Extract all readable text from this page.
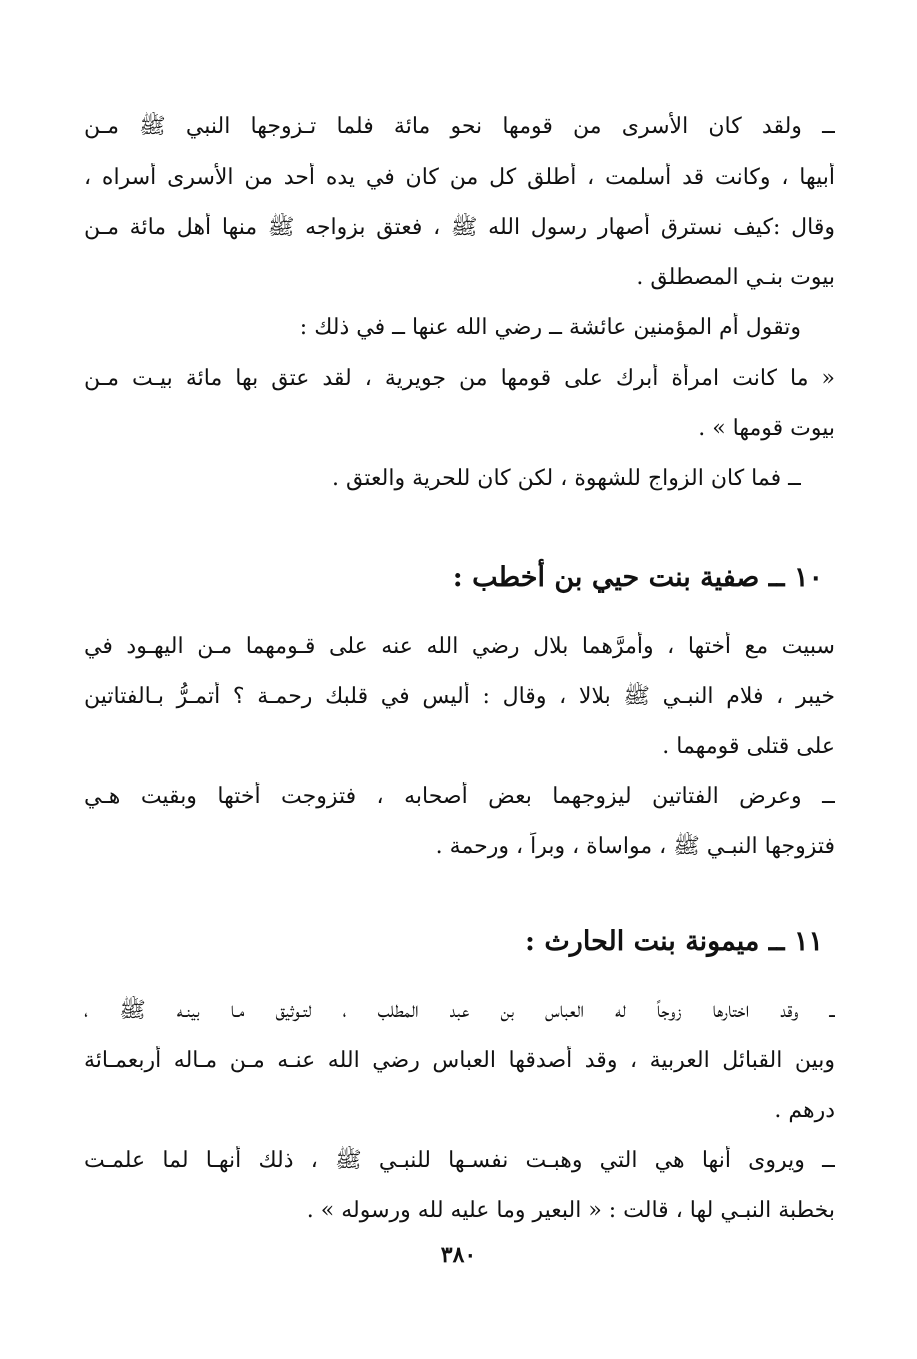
ــ ولقد كان الأسرى من قومها نحو مائة فلما تـزوجها النبي ﷺ مـن
أبيها ، وكانت قد أسلمت ، أطلق كل من كان في يده أحد من الأسرى أسراه ،
وقال :كيف نسترق أصهار رسول الله ﷺ ، فعتق بزواجه ﷺ منها أهل مائة مـن
بيوت بنـي المصطلق .
وتقول أم المؤمنين عائشة ــ رضي الله عنها ــ في ذلك :
« ما كانت امرأة أبرك على قومها من جويرية ، لقد عتق بها مائة بيـت مـن
بيوت قومها » .
ــ فما كان الزواج للشهوة ، لكن كان للحرية والعتق .
١٠ ــ صفية بنت حيي بن أخطب :
سبيت مع أختها ، وأمرَّهما بلال رضي الله عنه على قـومهما مـن اليهـود في
خيبر ، فلام النبـي ﷺ بلالا ، وقال : أليس في قلبك رحمـة ؟ أتمـرُّ بـالفتاتين
على قتلى قومهما .
ــ وعرض الفتاتين ليزوجهما بعض أصحابه ، فتزوجت أختها وبقيت هـي
فتزوجها النبـي ﷺ ، مواساة ، وبراً ، ورحمة .
١١ ــ ميمونة بنت الحارث :
ــ وقد اختارها زوجاً له العباس بن عبد المطلب ، لتـوثيق مـا بينـه ﷺ ،
وبين القبائل العربية ، وقد أصدقها العباس رضي الله عنـه مـن مـاله أربعمـائة
درهم .
ــ ويروى أنها هي التي وهبـت نفسـها للنبـي ﷺ ، ذلك أنهـا لما علمـت
بخطبة النبـي لها ، قالت : « البعير وما عليه لله ورسوله » .
٣٨٠
